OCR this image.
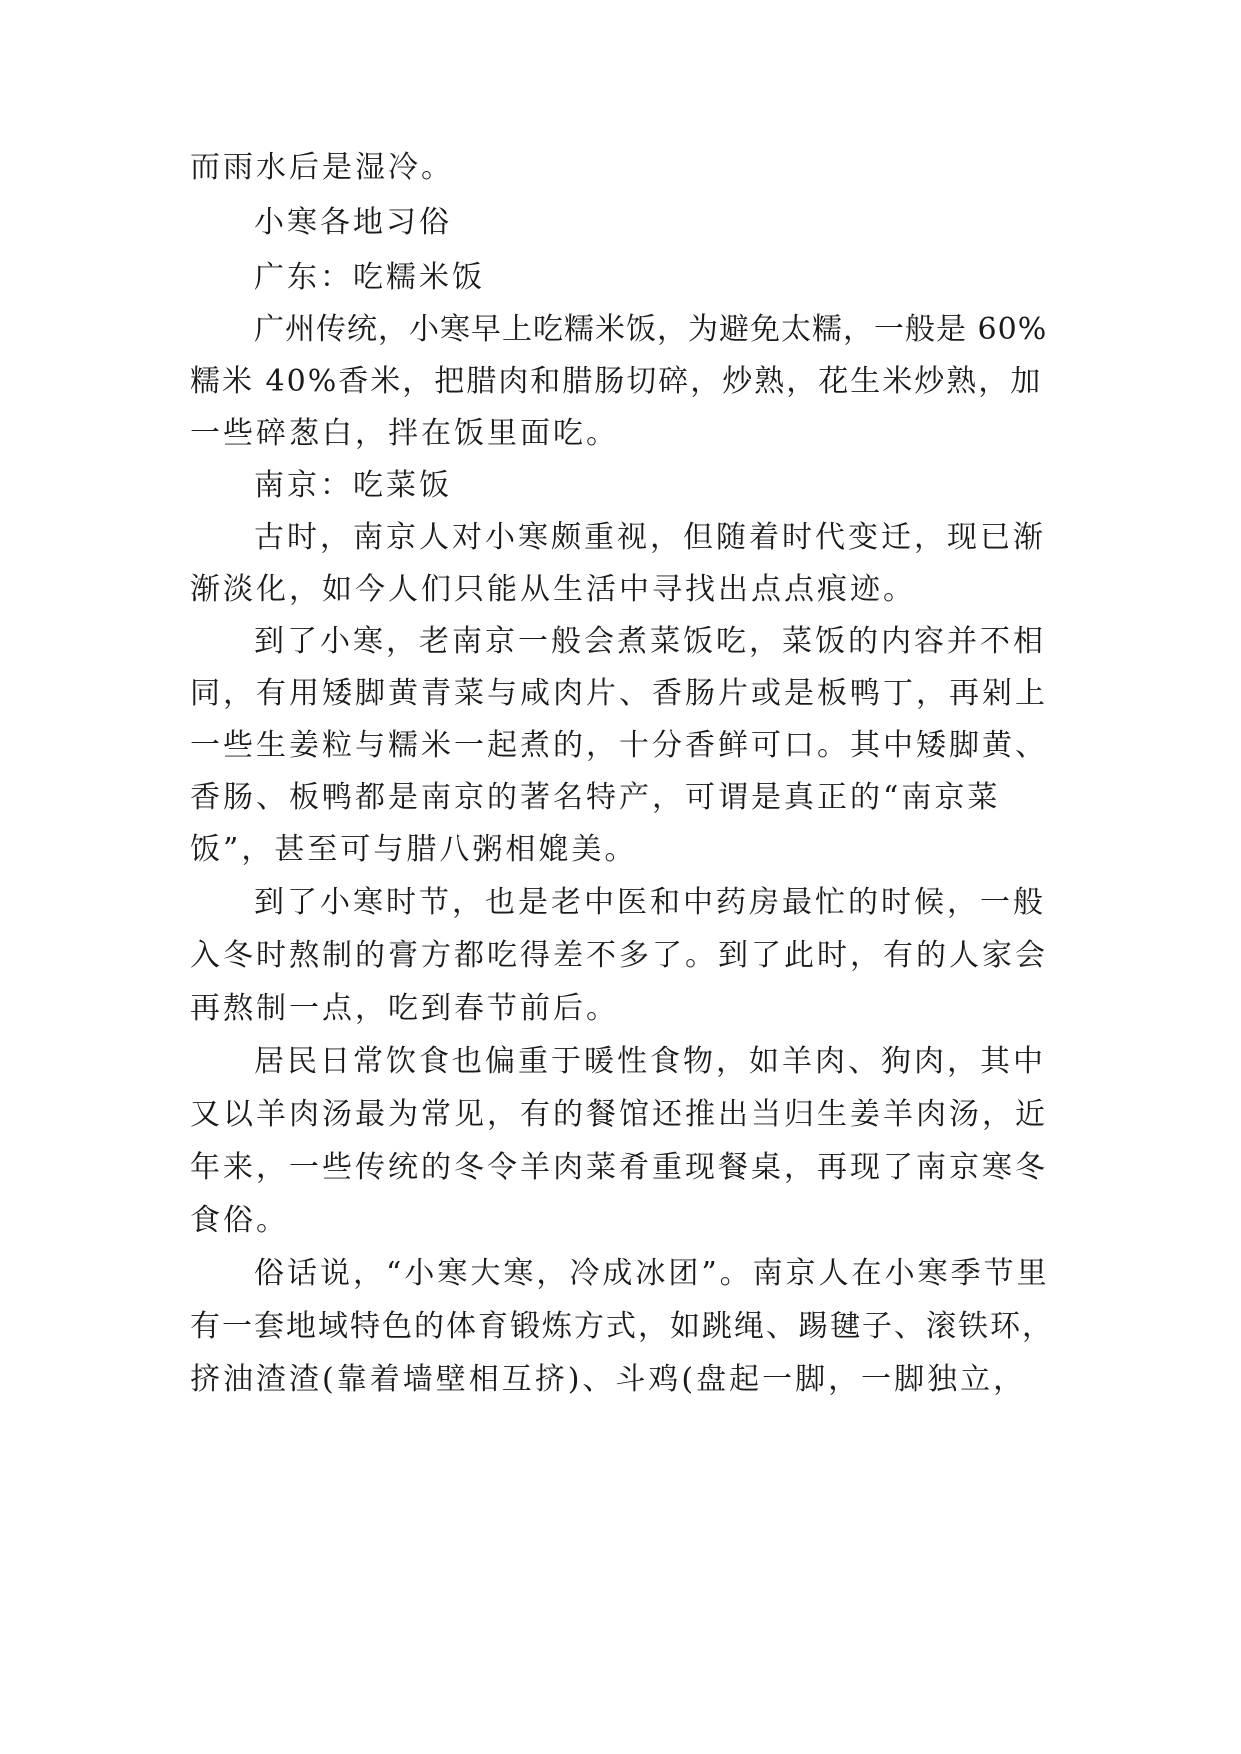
而雨水后是湿冷。
小寒各地习俗
广东：吃糯米饭
广州传统，小寒早上吃糯米饭，为避免太糯，一般是 60%
糯米 40%香米，把腊肉和腊肠切碎，炒熟，花生米炒熟，加
一些碎葱白，拌在饭里面吃。
南京：吃菜饭
古时，南京人对小寒颇重视，但随着时代变迁，现已渐
渐淡化，如今人们只能从生活中寻找出点点痕迹。
到了小寒，老南京一般会煮菜饭吃，菜饭的内容并不相
同，有用矮脚黄青菜与咸肉片、香肠片或是板鸭丁，再剁上
一些生姜粒与糯米一起煮的，十分香鲜可口。其中矮脚黄、
香肠、板鸭都是南京的著名特产，可谓是真正的“南京菜
饭”，甚至可与腊八粥相媲美。
到了小寒时节，也是老中医和中药房最忙的时候，一般
入冬时熬制的膏方都吃得差不多了。到了此时，有的人家会
再熬制一点，吃到春节前后。
居民日常饮食也偏重于暖性食物，如羊肉、狗肉，其中
又以羊肉汤最为常见，有的餐馆还推出当归生姜羊肉汤，近
年来，一些传统的冬令羊肉菜肴重现餐桌，再现了南京寒冬
食俗。
俗话说，“小寒大寒，冷成冰团”。南京人在小寒季节里
有一套地域特色的体育锻炼方式，如跳绳、踢毽子、滚铁环，
挤油渣渣(靠着墙壁相互挤)、斗鸡(盘起一脚，一脚独立，
